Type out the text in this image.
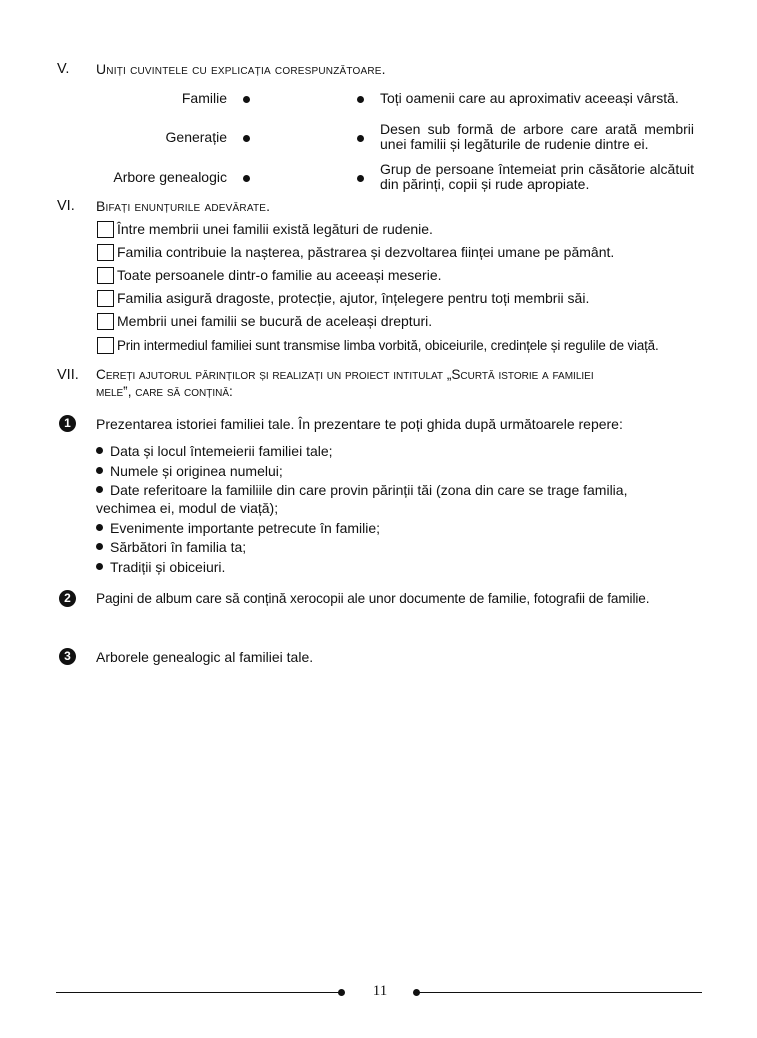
V. Uniți cuvintele cu explicația corespunzătoare.
Familie	Toți oamenii care au aproximativ aceeași vârstă.
Generație	Desen sub formă de arbore care arată membrii unei familii și legăturile de rudenie dintre ei.
Arbore genealogic	Grup de persoane întemeiat prin căsătorie alcătuit din părinți, copii și rude apropiate.
VI. Bifați enunțurile adevărate.
Între membrii unei familii există legături de rudenie.
Familia contribuie la nașterea, păstrarea și dezvoltarea ființei umane pe pământ.
Toate persoanele dintr-o familie au aceeași meserie.
Familia asigură dragoste, protecție, ajutor, înțelegere pentru toți membrii săi.
Membrii unei familii se bucură de aceleași drepturi.
Prin intermediul familiei sunt transmise limba vorbită, obiceiurile, credințele și regulile de viață.
VII. Cereți ajutorul părinților și realizați un proiect intitulat „Scurtă istorie a familiei
mele‟, care să conțină:
1	Prezentarea istoriei familiei tale. În prezentare te poți ghida după următoarele repere:
Data și locul întemeierii familiei tale;
Numele și originea numelui;
Date referitoare la familiile din care provin părinții tăi (zona din care se trage familia,
vechimea ei, modul de viață);
Evenimente importante petrecute în familie;
Sărbători în familia ta;
Tradiții și obiceiuri.
2	Pagini de album care să conțină xerocopii ale unor documente de familie, fotografii de familie.
3	Arborele genealogic al familiei tale.
11
